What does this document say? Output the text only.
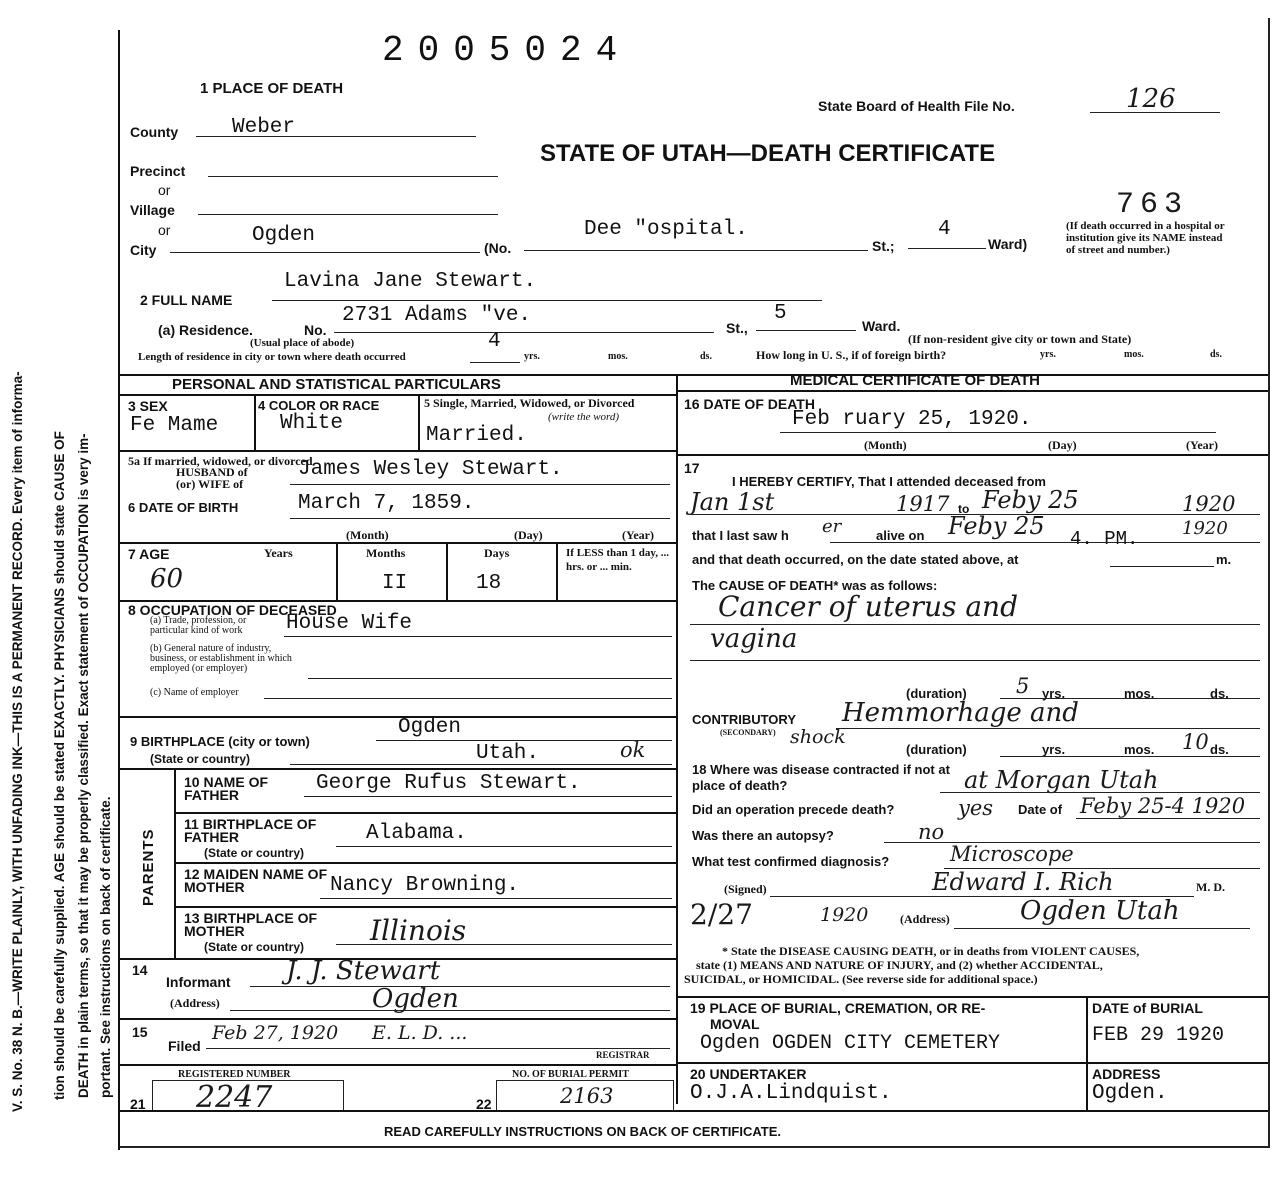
V. S. No. 38 N. B.—WRITE PLAINLY, WITH UNFADING INK—THIS IS A PERMANENT RECORD. Every item of informa- tion should be carefully supplied. AGE should be stated EXACTLY. PHYSICIANS should state CAUSE OF DEATH in plain terms, so that it may be properly classified. Exact statement of OCCUPATION is very im- portant. See instructions on back of certificate.
2005024
1 PLACE OF DEATH
State Board of Health File No.	126
STATE OF UTAH—DEATH CERTIFICATE
County	Weber
Precinct
or
Village
or
City
Ogden
(No.
Dee "ospital.
St.;
4
Ward)
763
(If death occurred in a hospital or institution give its NAME instead of street and number.)
2 FULL NAME
Lavina Jane Stewart.
(a) Residence.	No.
2731 Adams "ve.
St.,
5
Ward.
(Usual place of abode)	(If non-resident give city or town and State)
Length of residence in city or town where death occurred
4
yrs.	mos.	ds.	How long in U. S., if of foreign birth?	yrs.	mos.	ds.
PERSONAL AND STATISTICAL PARTICULARS
3 SEX
Fe Mame
4 COLOR OR RACE
White
5 Single, Married, Widowed, or Divorced
(write the word)
Married.
5a If married, widowed, or divorced
HUSBAND of
(or) WIFE of
James Wesley Stewart.
6 DATE OF BIRTH	March 7, 1859.
(Month)	(Day)	(Year)
7 AGE	Years	Months	Days	If LESS than 1 day, ... hrs. or ... min.
60	II	18
8 OCCUPATION OF DECEASED
(a) Trade, profession, or particular kind of work	House Wife
(b) General nature of industry, business, or establishment in which employed (or employer)
(c) Name of employer
9 BIRTHPLACE (city or town)
(State or country)
Ogden
Utah.	ok
PARENTS
10 NAME OF FATHER	George Rufus Stewart.
11 BIRTHPLACE OF FATHER
(State or country)
Alabama.
12 MAIDEN NAME OF MOTHER	Nancy Browning.
13 BIRTHPLACE OF MOTHER
(State or country) Illinois
14
Informant J. J. Stewart
(Address)	Ogden
15
Filed
Feb 27, 1920 E. L. D. ...
REGISTRAR
REGISTERED NUMBER
21 2247
NO. OF BURIAL PERMIT
22	2163
MEDICAL CERTIFICATE OF DEATH
16 DATE OF DEATH
Feb ruary 25, 1920.
(Month)	(Day)	(Year)
17
I HEREBY CERTIFY, That I attended deceased from
Jan 1st	1917 to Feby 25	1920
that I last saw h er	alive on Feby 25 4. PM. 1920
and that death occurred, on the date stated above, at	m.
The CAUSE OF DEATH* was as follows:
Cancer of uterus and
vagina
(duration) 5 yrs.	mos.	ds.
CONTRIBUTORY
(SECONDARY)
Hemmorhage and
shock
(duration)	yrs.	mos. 10 ds.
18 Where was disease contracted if not at place of death?	at Morgan Utah
Did an operation precede death?	yes Date of Feby 25-4 1920
Was there an autopsy?	no
What test confirmed diagnosis?	Microscope
(Signed)	Edward I. Rich	M. D.
2/27	1920	(Address)	Ogden Utah
* State the DISEASE CAUSING DEATH, or in deaths from VIOLENT CAUSES,
state (1) MEANS AND NATURE OF INJURY, and (2) whether ACCIDENTAL,
SUICIDAL, or HOMICIDAL. (See reverse side for additional space.)
19 PLACE OF BURIAL, CREMATION, OR RE-
MOVAL
Ogden OGDEN CITY CEMETERY
DATE of BURIAL
FEB 29 1920
20 UNDERTAKER
O.J.A.Lindquist.
ADDRESS
Ogden.
READ CAREFULLY INSTRUCTIONS ON BACK OF CERTIFICATE.
